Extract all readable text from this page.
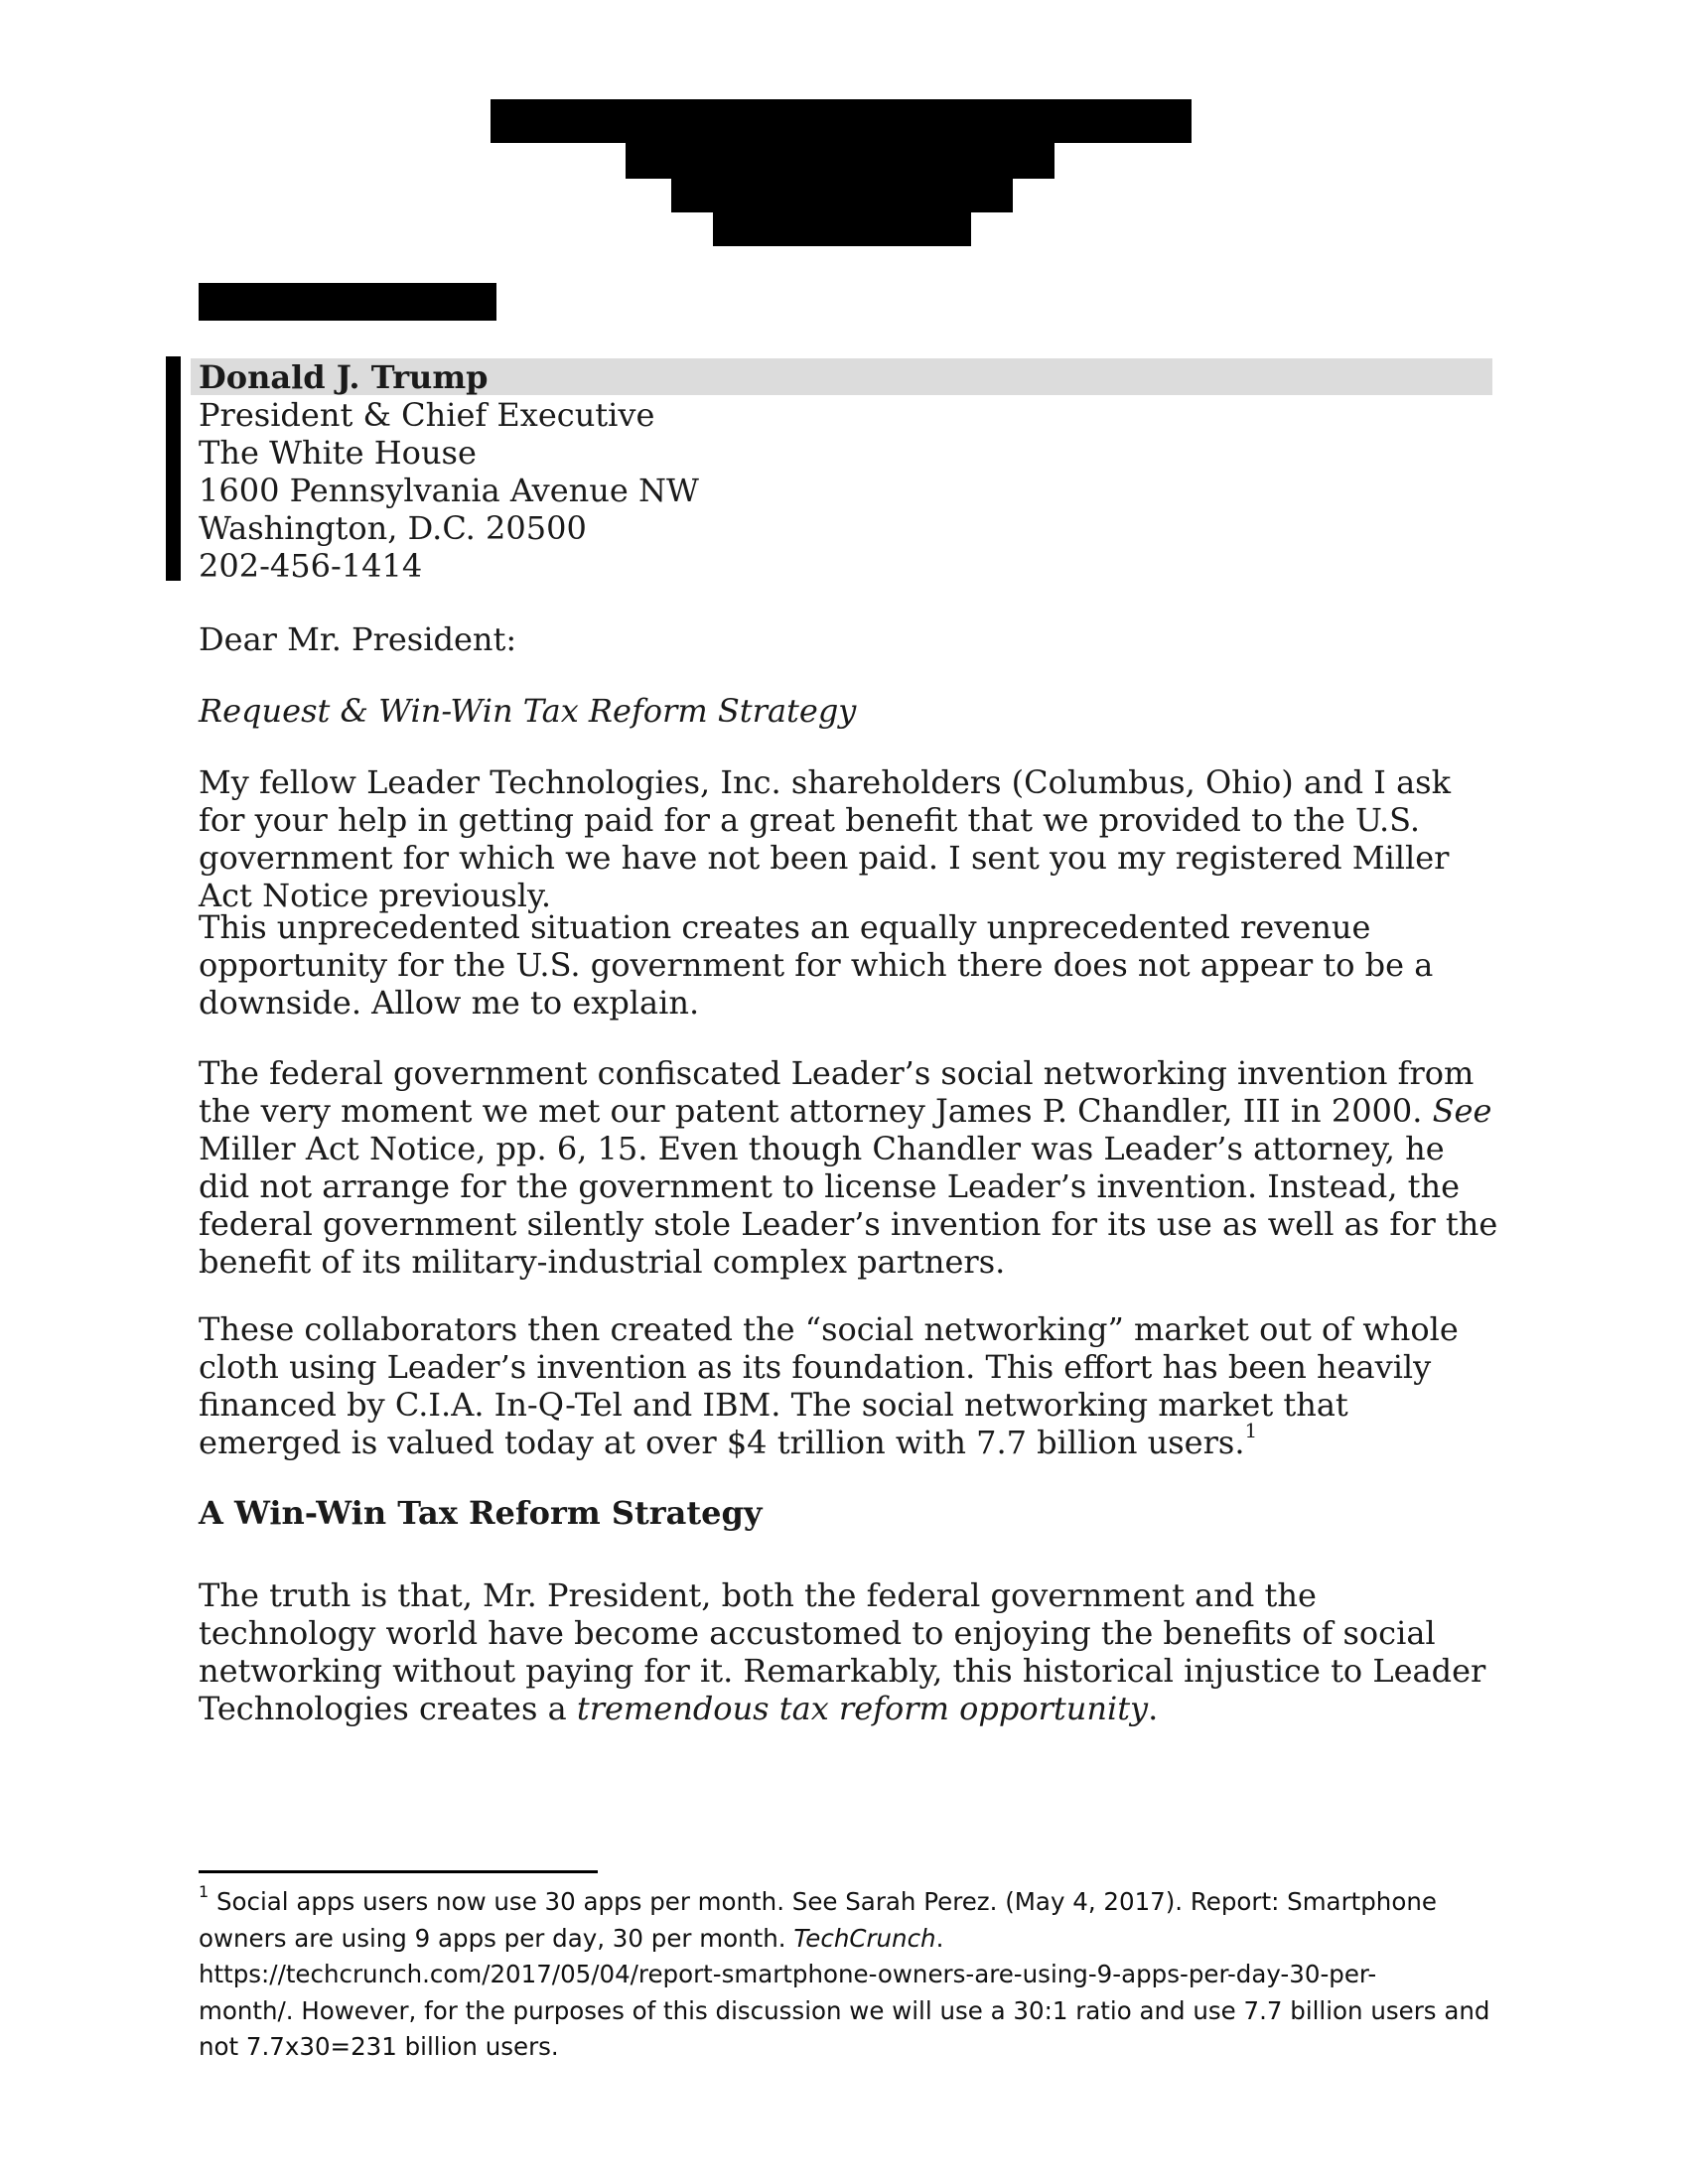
Donald J. Trump
President & Chief Executive
The White House
1600 Pennsylvania Avenue NW
Washington, D.C. 20500
202-456-1414
Dear Mr. President:
Request & Win-Win Tax Reform Strategy

My fellow Leader Technologies, Inc. shareholders (Columbus, Ohio) and I ask for your help in getting paid for a great benefit that we provided to the U.S. government for which we have not been paid. I sent you my registered Miller Act Notice previously.

This unprecedented situation creates an equally unprecedented revenue opportunity for the U.S. government for which there does not appear to be a downside. Allow me to explain.

The federal government confiscated Leader’s social networking invention from the very moment we met our patent attorney James P. Chandler, III in 2000. See Miller Act Notice, pp. 6, 15. Even though Chandler was Leader’s attorney, he did not arrange for the government to license Leader’s invention. Instead, the federal government silently stole Leader’s invention for its use as well as for the benefit of its military-industrial complex partners.

These collaborators then created the “social networking” market out of whole cloth using Leader’s invention as its foundation. This effort has been heavily financed by C.I.A. In-Q-Tel and IBM. The social networking market that emerged is valued today at over $4 trillion with 7.7 billion users.$^1$

A Win-Win Tax Reform Strategy

The truth is that, Mr. President, both the federal government and the technology world have become accustomed to enjoying the benefits of social networking without paying for it. Remarkably, this historical injustice to Leader Technologies creates a tremendous tax reform opportunity.

$^1$ Social apps users now use 30 apps per month. See Sarah Perez. (May 4, 2017). Report: Smartphone owners are using 9 apps per day, 30 per month. TechCrunch.
https://techcrunch.com/2017/05/04/report-smartphone-owners-are-using-9-apps-per-day-30-per-
month/. However, for the purposes of this discussion we will use a 30:1 ratio and use 7.7 billion users and not 7.7x30=231 billion users.
